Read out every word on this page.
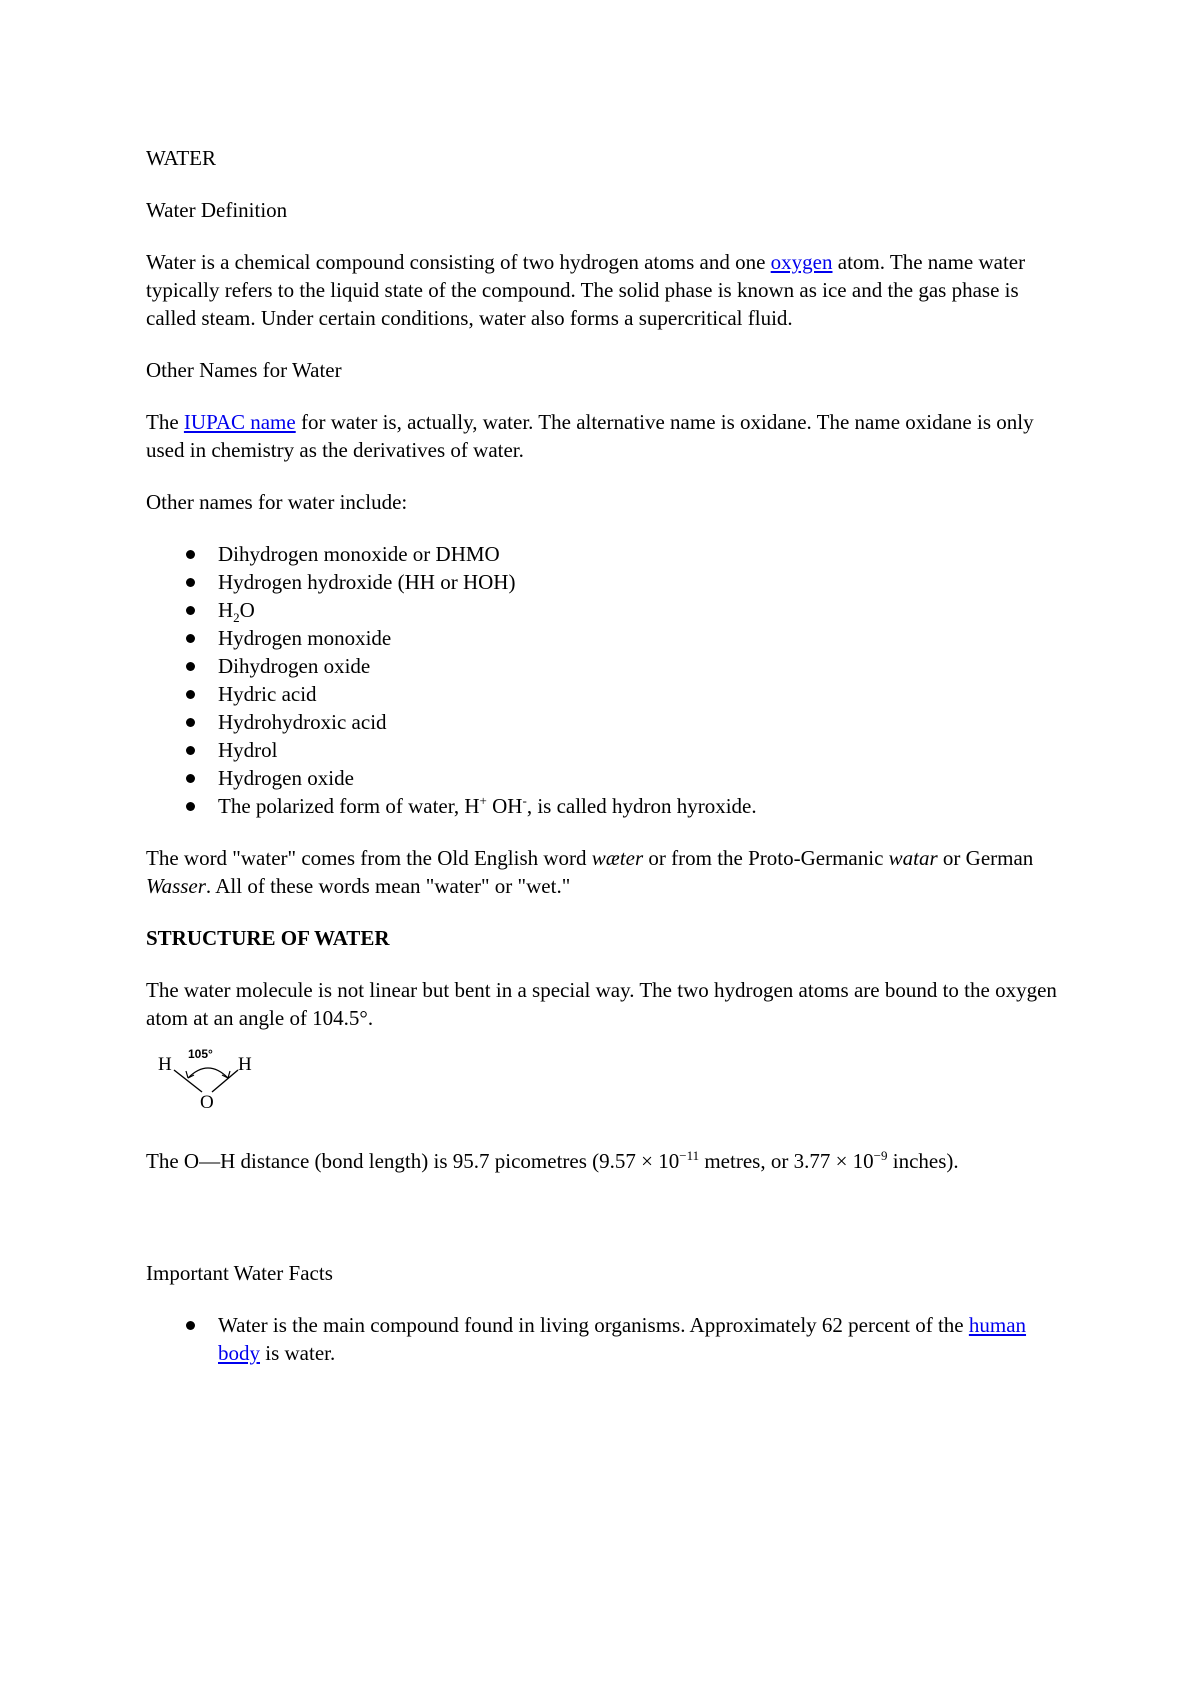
WATER

Water Definition

Water is a chemical compound consisting of two hydrogen atoms and one oxygen atom. The name water typically refers to the liquid state of the compound. The solid phase is known as ice and the gas phase is called steam. Under certain conditions, water also forms a supercritical fluid.

Other Names for Water

The IUPAC name for water is, actually, water. The alternative name is oxidane. The name oxidane is only used in chemistry as the derivatives of water.

Other names for water include:

Dihydrogen monoxide or DHMO
Hydrogen hydroxide (HH or HOH)
$H_2O$
Hydrogen monoxide
Dihydrogen oxide
Hydric acid
Hydrohydroxic acid
Hydrol
Hydrogen oxide
The polarized form of water, H+ OH-, is called hydron hyroxide.

The word "water" comes from the Old English word wæter or from the Proto-Germanic watar or German Wasser. All of these words mean "water" or "wet."

STRUCTURE OF WATER

The water molecule is not linear but bent in a special way. The two hydrogen atoms are bound to the oxygen atom at an angle of 104.5°.

H	H
O
105°

The O—H distance (bond length) is 95.7 picometres ($9.57 \times 10^{-11}$ metres, or $3.77 \times 10^{-9}$ inches).

Important Water Facts

Water is the main compound found in living organisms. Approximately 62 percent of the human body is water.
